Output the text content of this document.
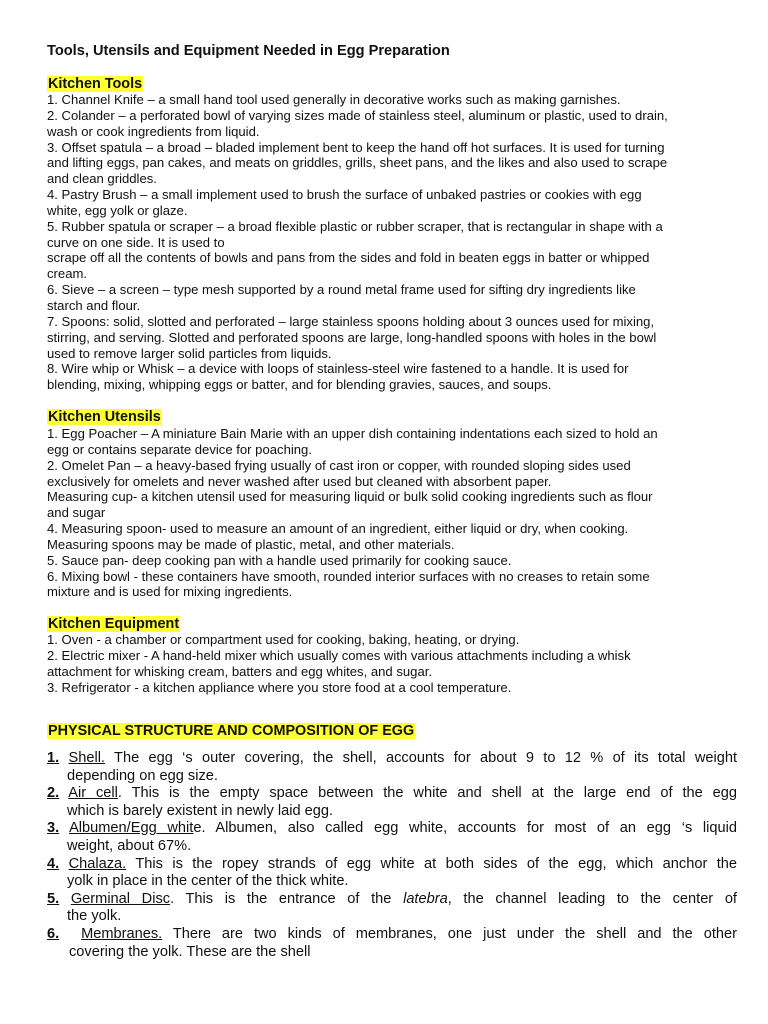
Tools, Utensils and Equipment Needed in Egg Preparation
Kitchen Tools
1. Channel Knife – a small hand tool used generally in decorative works such as making garnishes.
2. Colander – a perforated bowl of varying sizes made of stainless steel, aluminum or plastic, used to drain,
wash or cook ingredients from liquid.
3. Offset spatula – a broad – bladed implement bent to keep the hand off hot surfaces. It is used for turning
and lifting eggs, pan cakes, and meats on griddles, grills, sheet pans, and the likes and also used to scrape
and clean griddles.
4. Pastry Brush – a small implement used to brush the surface of unbaked pastries or cookies with egg
white, egg yolk or glaze.
5. Rubber spatula or scraper – a broad flexible plastic or rubber scraper, that is rectangular in shape with a
curve on one side. It is used to
scrape off all the contents of bowls and pans from the sides and fold in beaten eggs in batter or whipped
cream.
6. Sieve – a screen – type mesh supported by a round metal frame used for sifting dry ingredients like
starch and flour.
7. Spoons: solid, slotted and perforated – large stainless spoons holding about 3 ounces used for mixing,
stirring, and serving. Slotted and perforated spoons are large, long-handled spoons with holes in the bowl
used to remove larger solid particles from liquids.
8. Wire whip or Whisk – a device with loops of stainless-steel wire fastened to a handle. It is used for
blending, mixing, whipping eggs or batter, and for blending gravies, sauces, and soups.
Kitchen Utensils
1. Egg Poacher – A miniature Bain Marie with an upper dish containing indentations each sized to hold an
egg or contains separate device for poaching.
2. Omelet Pan – a heavy-based frying usually of cast iron or copper, with rounded sloping sides used
exclusively for omelets and never washed after used but cleaned with absorbent paper.
Measuring cup- a kitchen utensil used for measuring liquid or bulk solid cooking ingredients such as flour
and sugar
4. Measuring spoon- used to measure an amount of an ingredient, either liquid or dry, when cooking.
Measuring spoons may be made of plastic, metal, and other materials.
5. Sauce pan- deep cooking pan with a handle used primarily for cooking sauce.
6. Mixing bowl - these containers have smooth, rounded interior surfaces with no creases to retain some
mixture and is used for mixing ingredients.
Kitchen Equipment
1. Oven - a chamber or compartment used for cooking, baking, heating, or drying.
2. Electric mixer - A hand-held mixer which usually comes with various attachments including a whisk
attachment for whisking cream, batters and egg whites, and sugar.
3. Refrigerator - a kitchen appliance where you store food at a cool temperature.
PHYSICAL STRUCTURE AND COMPOSITION OF EGG
1. Shell. The egg ‘s outer covering, the shell, accounts for about 9 to 12 % of its total weight
depending on egg size.
2. Air cell. This is the empty space between the white and shell at the large end of the egg
which is barely existent in newly laid egg.
3. Albumen/Egg white. Albumen, also called egg white, accounts for most of an egg ‘s liquid
weight, about 67%.
4. Chalaza. This is the ropey strands of egg white at both sides of the egg, which anchor the
yolk in place in the center of the thick white.
5. Germinal Disc. This is the entrance of the latebra, the channel leading to the center of
the yolk.
6. Membranes. There are two kinds of membranes, one just under the shell and the other
covering the yolk. These are the shell
